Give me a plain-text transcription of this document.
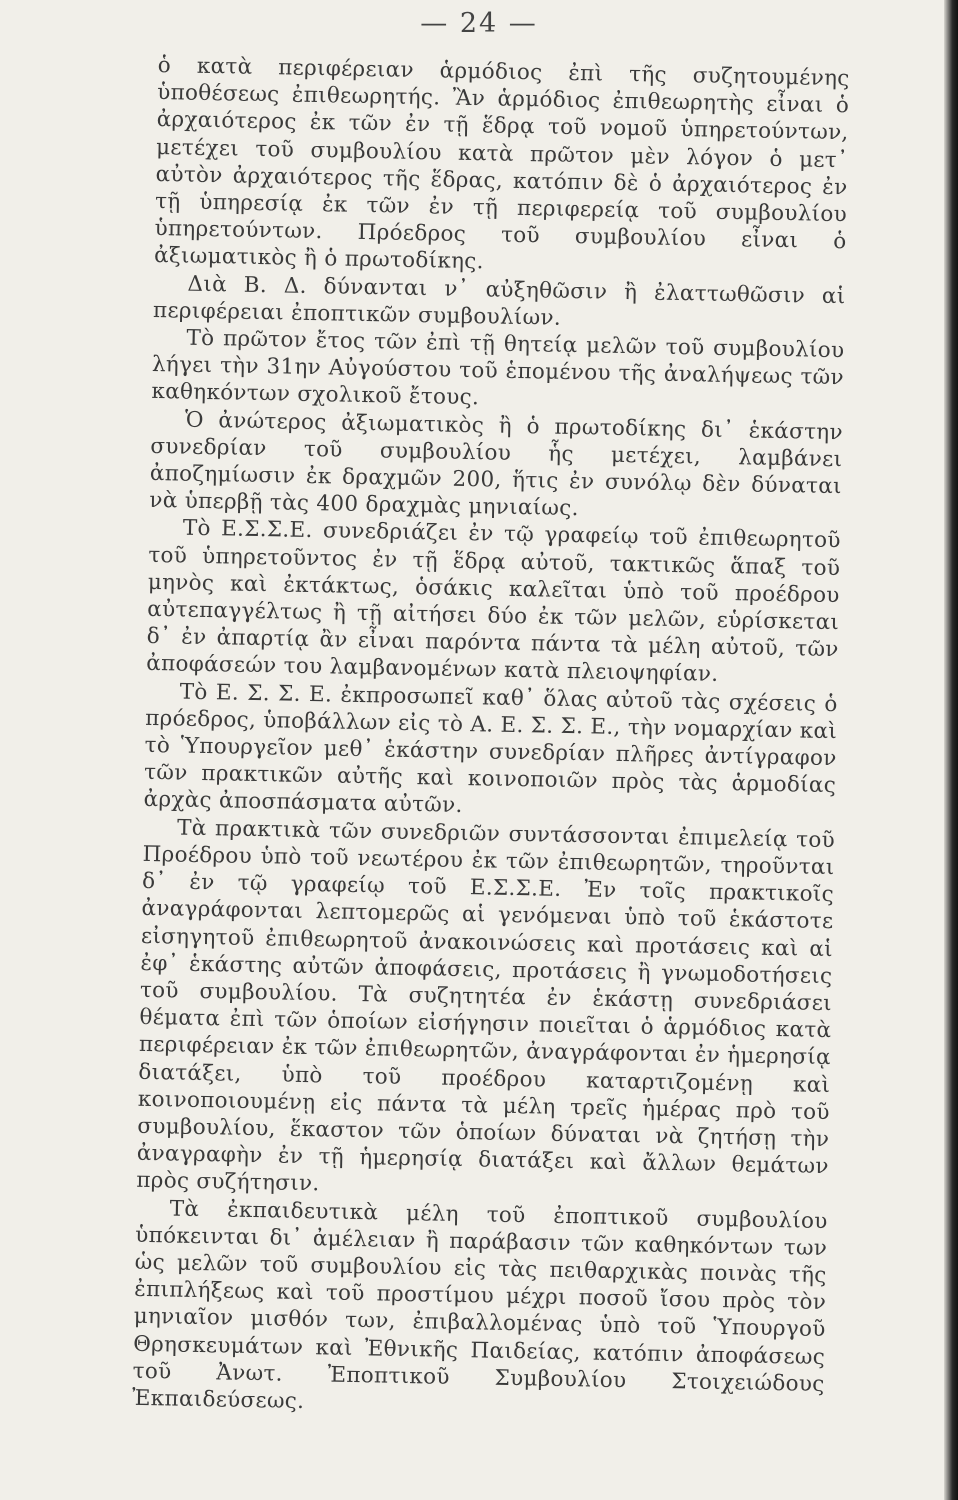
— 24 —

ὁ κατὰ περιφέρειαν ἁρμόδιος ἐπὶ τῆς συζητουμένης ὑποθέσεως ἐπιθεωρητής. Ἂν ἁρμόδιος ἐπιθεωρητὴς εἶναι ὁ ἀρχαιότερος ἐκ τῶν ἐν τῇ ἕδρᾳ τοῦ νομοῦ ὑπηρετούντων, μετέχει τοῦ συμβουλίου κατὰ πρῶτον μὲν λόγον ὁ μετ᾽ αὐτὸν ἀρχαιότερος τῆς ἕδρας, κατόπιν δὲ ὁ ἀρχαιότερος ἐν τῇ ὑπηρεσίᾳ ἐκ τῶν ἐν τῇ περιφερείᾳ τοῦ συμβουλίου ὑπηρετούντων. Πρόεδρος τοῦ συμβουλίου εἶναι ὁ ἀξιωματικὸς ἢ ὁ πρωτοδίκης.

Διὰ Β. Δ. δύνανται ν᾽ αὐξηθῶσιν ἢ ἐλαττωθῶσιν αἱ περιφέρειαι ἐποπτικῶν συμβουλίων.

Τὸ πρῶτον ἔτος τῶν ἐπὶ τῇ θητείᾳ μελῶν τοῦ συμβουλίου λήγει τὴν 31ην Αὐγούστου τοῦ ἑπομένου τῆς ἀναλήψεως τῶν καθηκόντων σχολικοῦ ἔτους.

Ὁ ἀνώτερος ἀξιωματικὸς ἢ ὁ πρωτοδίκης δι᾽ ἑκάστην συνεδρίαν τοῦ συμβουλίου ἧς μετέχει, λαμβάνει ἀποζημίωσιν ἐκ δραχμῶν 200, ἥτις ἐν συνόλῳ δὲν δύναται νὰ ὑπερβῇ τὰς 400 δραχμὰς μηνιαίως.

Τὸ Ε.Σ.Σ.Ε. συνεδριάζει ἐν τῷ γραφείῳ τοῦ ἐπιθεωρητοῦ τοῦ ὑπηρετοῦντος ἐν τῇ ἕδρᾳ αὐτοῦ, τακτικῶς ἅπαξ τοῦ μηνὸς καὶ ἐκτάκτως, ὁσάκις καλεῖται ὑπὸ τοῦ προέδρου αὐτεπαγγέλτως ἢ τῇ αἰτήσει δύο ἐκ τῶν μελῶν, εὑρίσκεται δ᾽ ἐν ἀπαρτίᾳ ἂν εἶναι παρόντα πάντα τὰ μέλη αὐτοῦ, τῶν ἀποφάσεών του λαμβανομένων κατὰ πλειοψηφίαν.

Τὸ Ε. Σ. Σ. Ε. ἐκπροσωπεῖ καθ᾽ ὅλας αὐτοῦ τὰς σχέσεις ὁ πρόεδρος, ὑποβάλλων εἰς τὸ Α. Ε. Σ. Σ. Ε., τὴν νομαρχίαν καὶ τὸ Ὑπουργεῖον μεθ᾽ ἑκάστην συνεδρίαν πλῆρες ἀντίγραφον τῶν πρακτικῶν αὐτῆς καὶ κοινοποιῶν πρὸς τὰς ἁρμοδίας ἀρχὰς ἀποσπάσματα αὐτῶν.

Τὰ πρακτικὰ τῶν συνεδριῶν συντάσσονται ἐπιμελείᾳ τοῦ Προέδρου ὑπὸ τοῦ νεωτέρου ἐκ τῶν ἐπιθεωρητῶν, τηροῦνται δ᾽ ἐν τῷ γραφείῳ τοῦ Ε.Σ.Σ.Ε. Ἐν τοῖς πρακτικοῖς ἀναγράφονται λεπτομερῶς αἱ γενόμεναι ὑπὸ τοῦ ἑκάστοτε εἰσηγητοῦ ἐπιθεωρητοῦ ἀνακοινώσεις καὶ προτάσεις καὶ αἱ ἐφ᾽ ἑκάστης αὐτῶν ἀποφάσεις, προτάσεις ἢ γνωμοδοτήσεις τοῦ συμβουλίου. Τὰ συζητητέα ἐν ἑκάστῃ συνεδριάσει θέματα ἐπὶ τῶν ὁποίων εἰσήγησιν ποιεῖται ὁ ἁρμόδιος κατὰ περιφέρειαν ἐκ τῶν ἐπιθεωρητῶν, ἀναγράφονται ἐν ἡμερησίᾳ διατάξει, ὑπὸ τοῦ προέδρου καταρτιζομένῃ καὶ κοινοποιουμένῃ εἰς πάντα τὰ μέλη τρεῖς ἡμέρας πρὸ τοῦ συμβουλίου, ἕκαστον τῶν ὁποίων δύναται νὰ ζητήσῃ τὴν ἀναγραφὴν ἐν τῇ ἡμερησίᾳ διατάξει καὶ ἄλλων θεμάτων πρὸς συζήτησιν.

Τὰ ἐκπαιδευτικὰ μέλη τοῦ ἐποπτικοῦ συμβουλίου ὑπόκεινται δι᾽ ἀμέλειαν ἢ παράβασιν τῶν καθηκόντων των ὡς μελῶν τοῦ συμβουλίου εἰς τὰς πειθαρχικὰς ποινὰς τῆς ἐπιπλήξεως καὶ τοῦ προστίμου μέχρι ποσοῦ ἴσου πρὸς τὸν μηνιαῖον μισθόν των, ἐπιβαλλομένας ὑπὸ τοῦ Ὑπουργοῦ Θρησκευμάτων καὶ Ἐθνικῆς Παιδείας, κατόπιν ἀποφάσεως τοῦ Ἀνωτ. Ἐποπτικοῦ Συμβουλίου Στοιχειώδους Ἐκπαιδεύσεως.
